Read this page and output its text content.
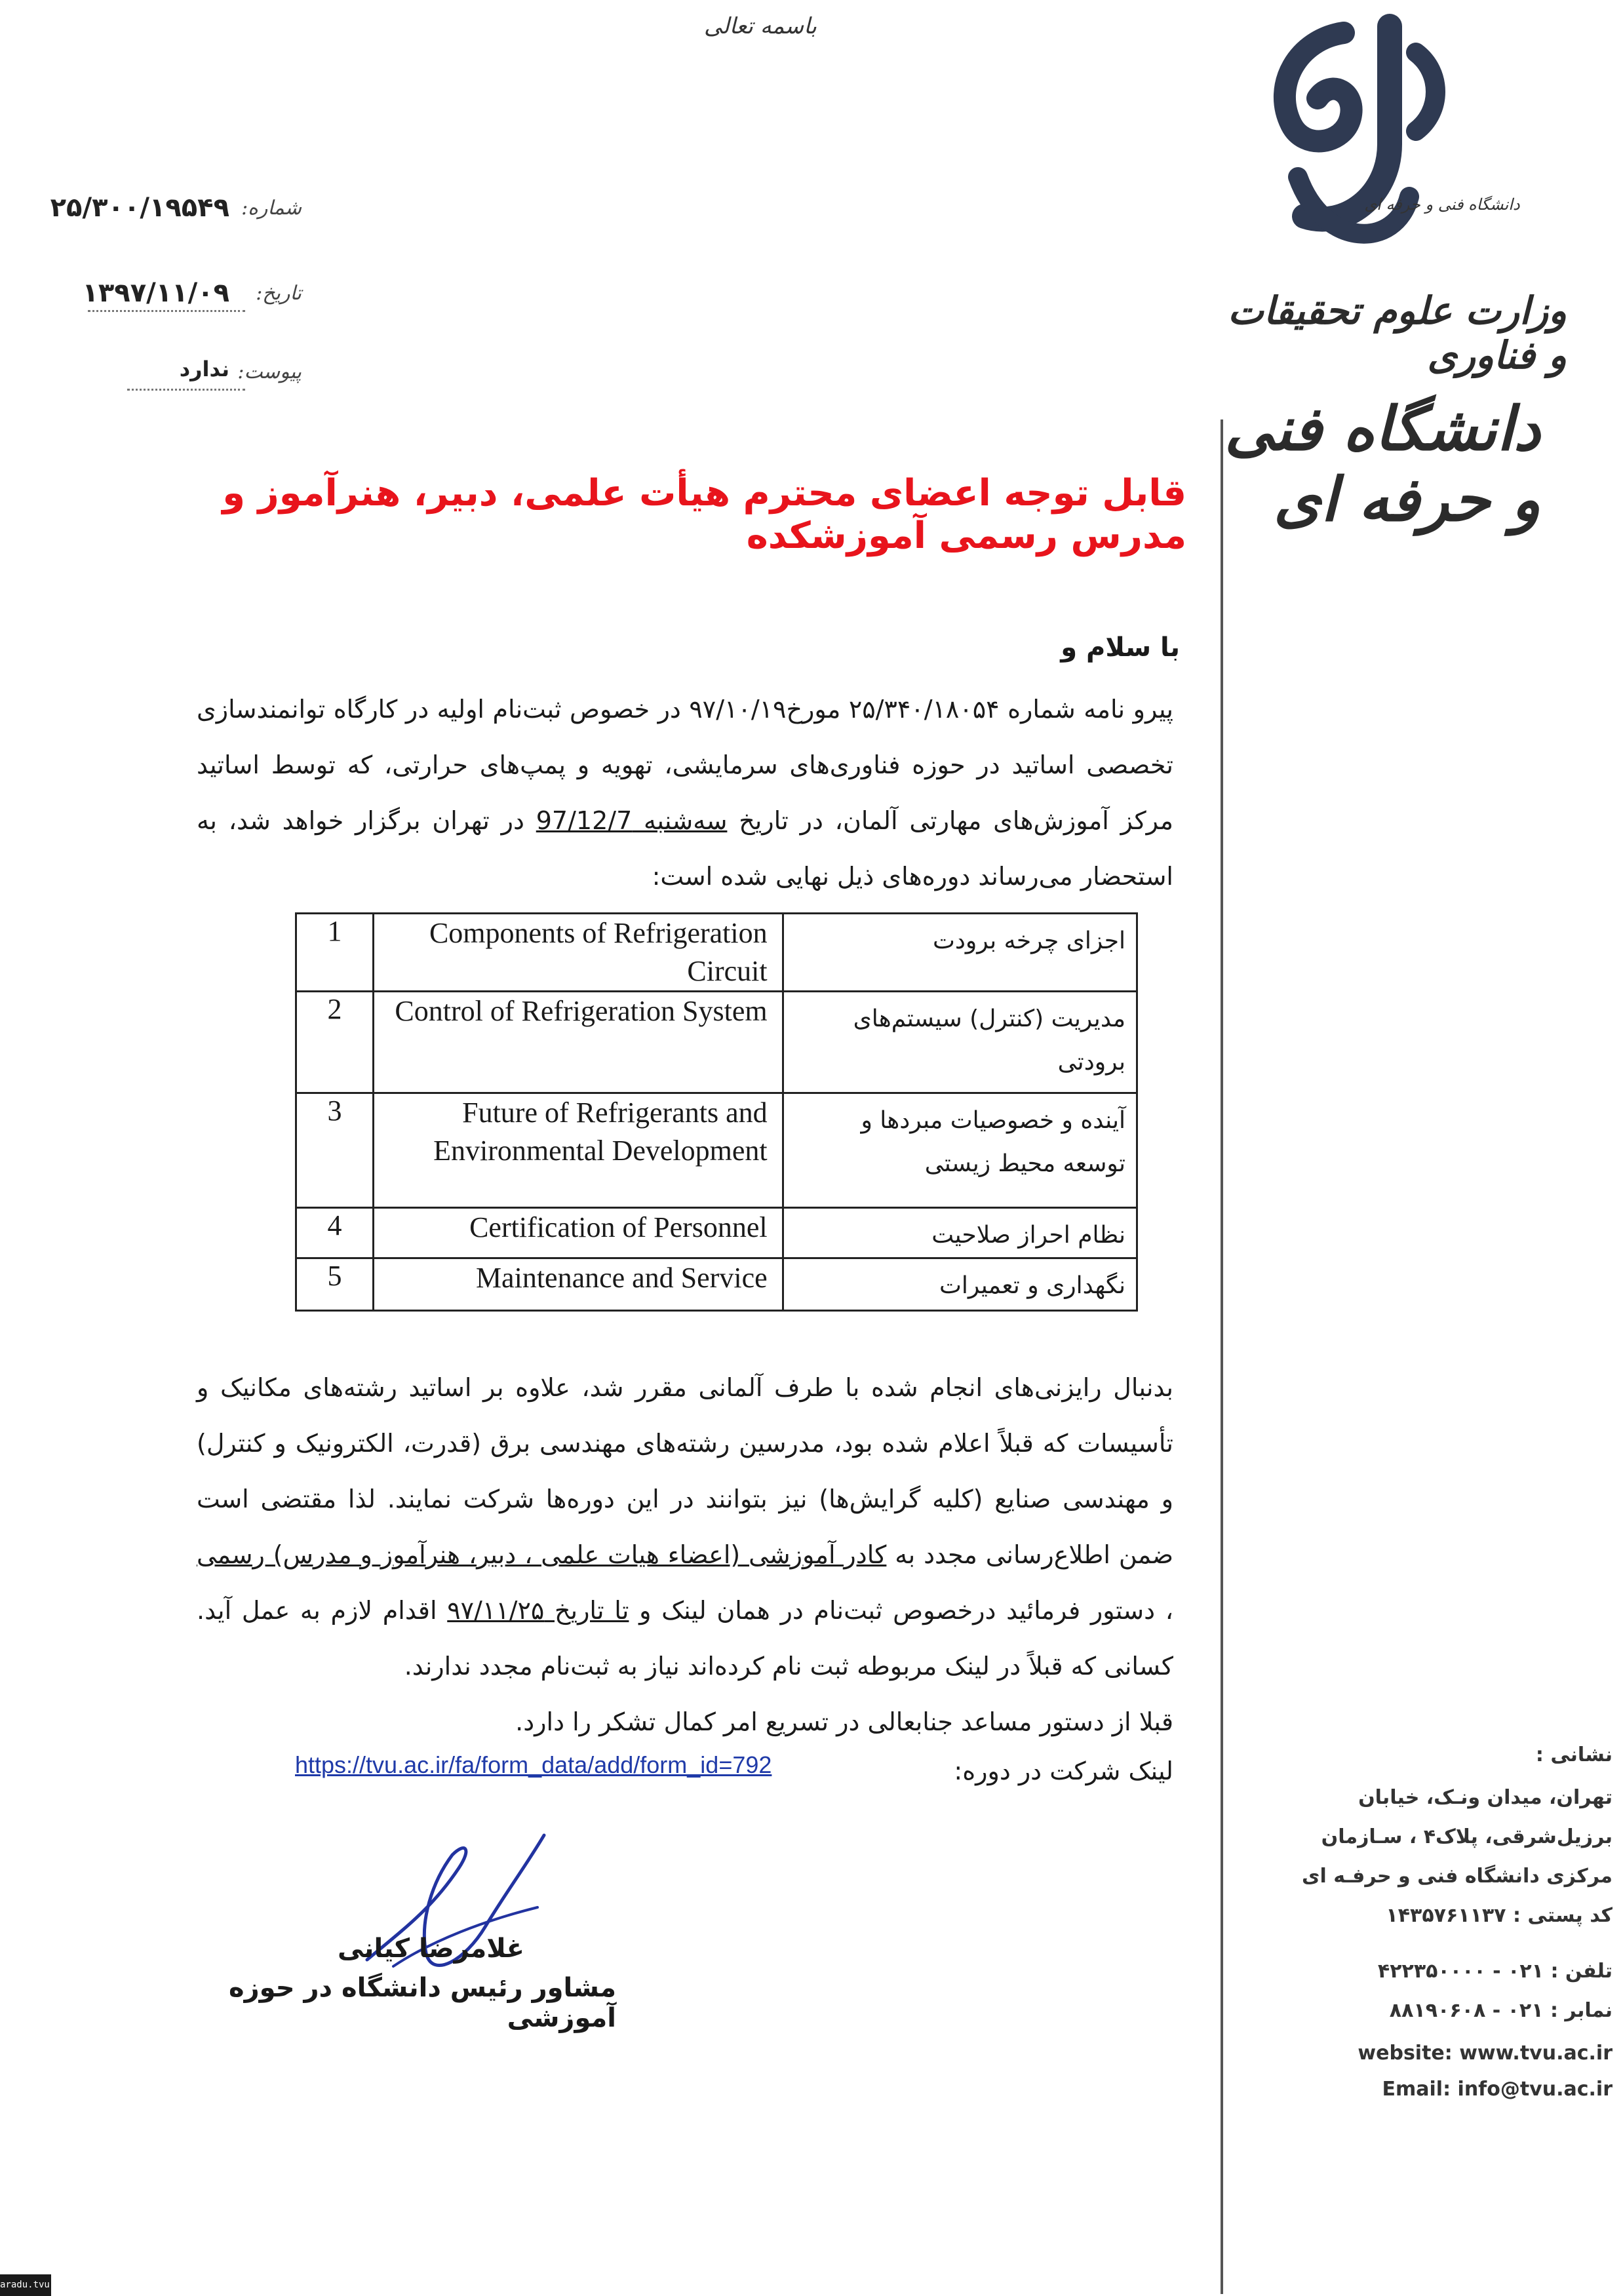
باسمه تعالی
شماره:
۲۵/۳۰۰/۱۹۵۴۹
تاریخ:
۱۳۹۷/۱۱/۰۹
پیوست:
ندارد
دانشگاه فنی و حرفه ای
وزارت علوم تحقیقات و فناوری
دانشگاه فنی و حرفه ای
قابل توجه اعضای محترم هیأت علمی، دبیر، هنرآموز و مدرس رسمی آموزشکده
با سلام و
پیرو نامه شماره ۲۵/۳۴۰/۱۸۰۵۴ مورخ۹۷/۱۰/۱۹ در خصوص ثبت‌نام اولیه در کارگاه توانمندسازی تخصصی اساتید در حوزه فناوری‌های سرمایشی، تهویه و پمپ‌های حرارتی، که توسط اساتید مرکز آموزش‌های مهارتی آلمان، در تاریخ سه‌شنبه 97/12/7 در تهران برگزار خواهد شد، به استحضار می‌رساند دوره‌های ذیل نهایی شده است:
1	Components of Refrigeration Circuit	اجزای چرخه برودت
2	Control of Refrigeration System	مدیریت (کنترل) سیستم‌های برودتی
3	Future of Refrigerants and Environmental Development	آینده و خصوصیات مبردها و توسعه محیط زیستی
4	Certification of Personnel	نظام احراز صلاحیت
5	Maintenance and Service	نگهداری و تعمیرات
بدنبال رایزنی‌های انجام شده با طرف آلمانی مقرر شد، علاوه بر اساتید رشته‌های مکانیک و تأسیسات که قبلاً اعلام شده بود، مدرسین رشته‌های مهندسی برق (قدرت، الکترونیک و کنترل) و مهندسی صنایع (کلیه گرایش‌ها) نیز بتوانند در این دوره‌ها شرکت نمایند. لذا مقتضی است ضمن اطلاع‌رسانی مجدد به کادر آموزشی (اعضاء هیات علمی ، دبیر، هنرآموز و مدرس) رسمی ، دستور فرمائید درخصوص ثبت‌نام در همان لینک و تا تاریخ ۹۷/۱۱/۲۵ اقدام لازم به عمل آید. کسانی که قبلاً در لینک مربوطه ثبت نام کرده‌اند نیاز به ثبت‌نام مجدد ندارند.
قبلا از دستور مساعد جنابعالی در تسریع امر کمال تشکر را دارد.
لینک شرکت در دوره:
https://tvu.ac.ir/fa/form_data/add/form_id=792
غلامرضا کیانی
مشاور رئیس دانشگاه در حوزه آموزشی
نشانی :
تهران، میدان ونـک، خیابان
برزیل‌شرقی، پلاک۴ ، سـازمان
مرکزی دانشگاه فنی و حرفـه ای
کد پستی : ۱۴۳۵۷۶۱۱۳۷
تلفن : ۰۲۱ - ۴۲۲۳۵۰۰۰۰
نمابر : ۰۲۱ - ۸۸۱۹۰۶۰۸
website: www.tvu.ac.ir
Email: info@tvu.ac.ir
aradu.tvu.ac.ir
